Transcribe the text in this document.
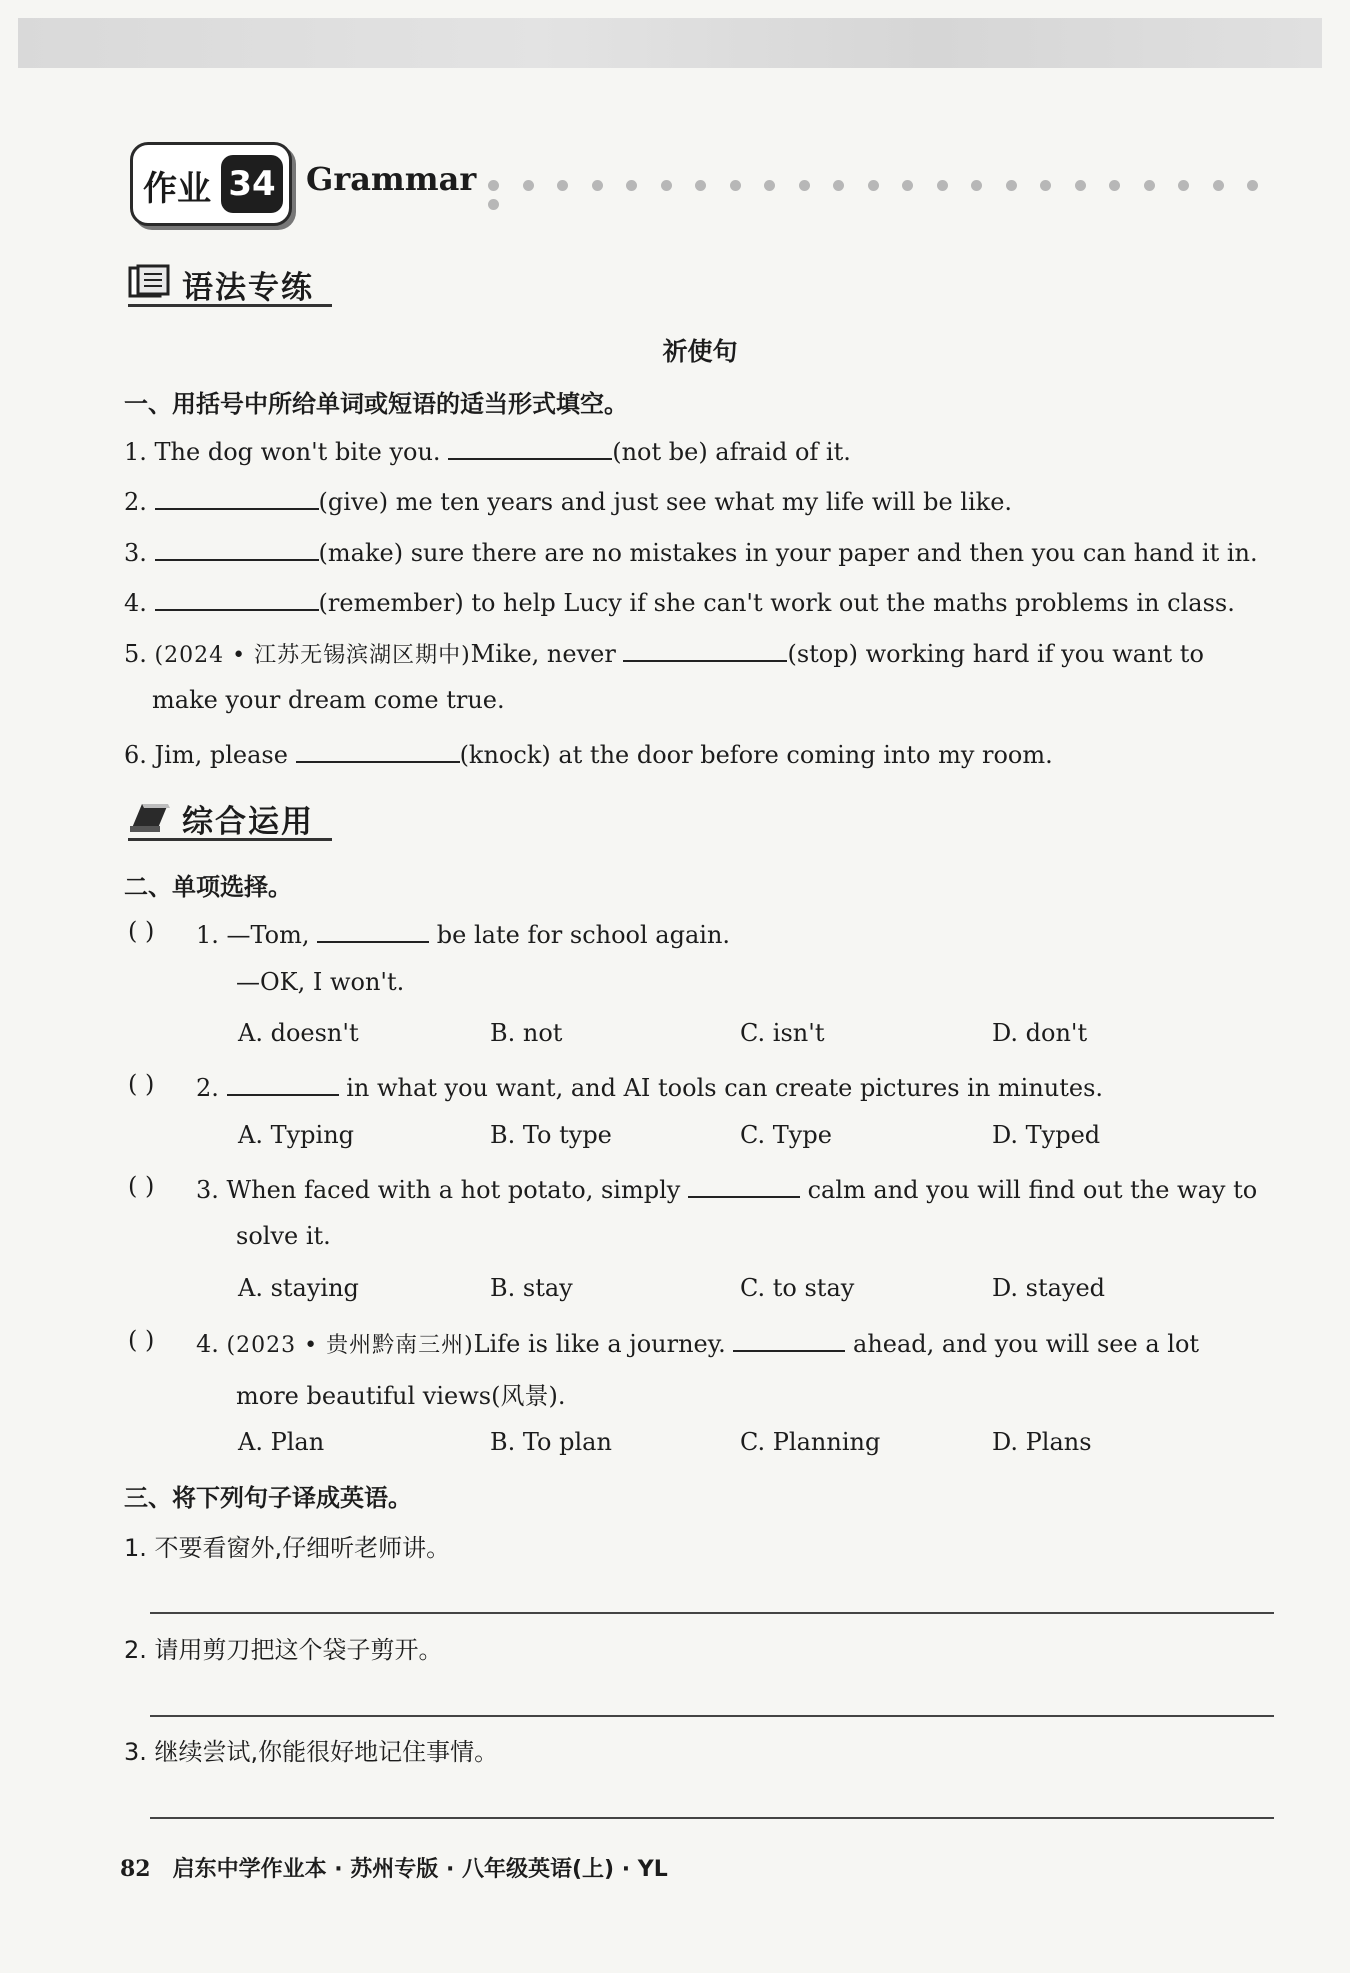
作业 34 Grammar
语法专练
祈使句
一、用括号中所给单词或短语的适当形式填空。
1. The dog won't bite you.	(not be) afraid of it.
2.	(give) me ten years and just see what my life will be like.
3.	(make) sure there are no mistakes in your paper and then you can hand it in.
4.	(remember) to help Lucy if she can't work out the maths problems in class.
5. (2024 • 江苏无锡滨湖区期中)Mike, never	(stop) working hard if you want to
make your dream come true.
6. Jim, please	(knock) at the door before coming into my room.
综合运用
二、单项选择。
( ) 1. —Tom,	be late for school again.
—OK, I won't.
A. doesn't	B. not	C. isn't	D. don't
( ) 2.	in what you want, and AI tools can create pictures in minutes.
A. Typing	B. To type	C. Type	D. Typed
( ) 3. When faced with a hot potato, simply	calm and you will find out the way to
solve it.
A. staying	B. stay	C. to stay	D. stayed
( ) 4. (2023 • 贵州黔南三州)Life is like a journey.	ahead, and you will see a lot
more beautiful views(风景).
A. Plan	B. To plan	C. Planning	D. Plans
三、将下列句子译成英语。
1. 不要看窗外,仔细听老师讲。
2. 请用剪刀把这个袋子剪开。
3. 继续尝试,你能很好地记住事情。
82 启东中学作业本 · 苏州专版 · 八年级英语(上) · YL
